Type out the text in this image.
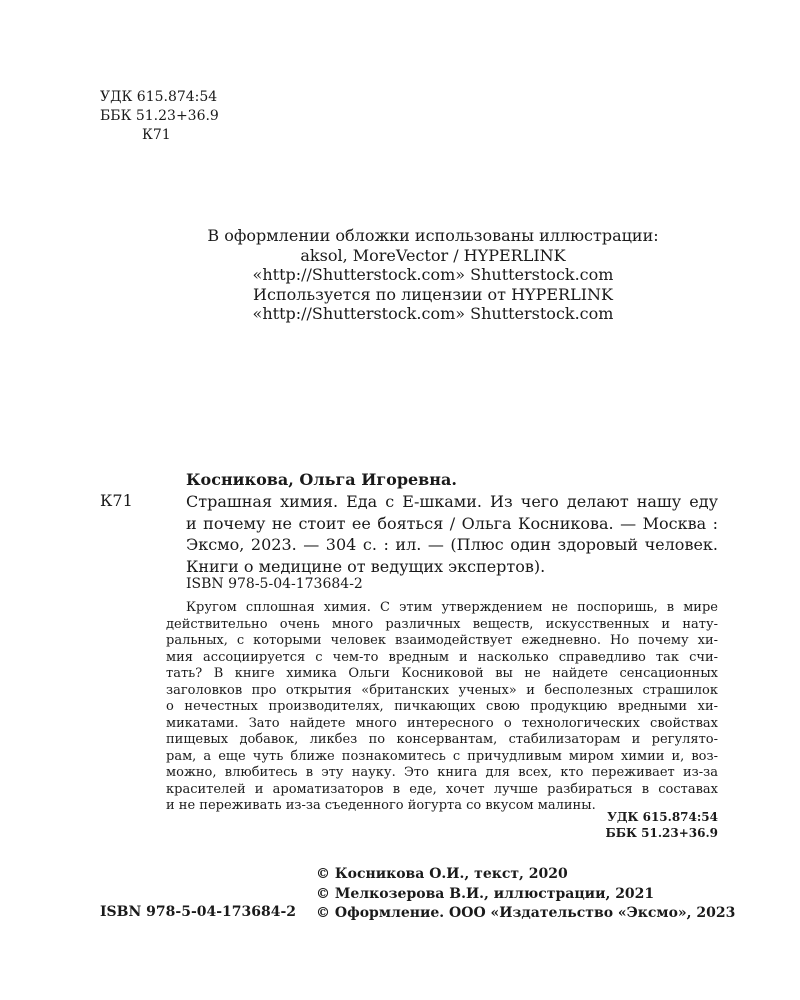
УДК 615.874:54
ББК 51.23+36.9
К71
В оформлении обложки использованы иллюстрации:
aksol, MoreVector / HYPERLINK
«http://Shutterstock.com» Shutterstock.com
Используется по лицензии от HYPERLINK
«http://Shutterstock.com» Shutterstock.com
Косникова, Ольга Игоревна.
К71	Страшная химия. Еда с Е-шками. Из чего делают нашу еду
и почему не стоит ее бояться / Ольга Косникова. — Москва :
Эксмо, 2023. — 304 с. : ил. — (Плюс один здоровый человек.
Книги о медицине от ведущих экспертов).
ISBN 978-5-04-173684-2
Кругом сплошная химия. С этим утверждением не поспоришь, в мире
действительно очень много различных веществ, искусственных и нату-
ральных, с которыми человек взаимодействует ежедневно. Но почему хи-
мия ассоциируется с чем-то вредным и насколько справедливо так счи-
тать? В книге химика Ольги Косниковой вы не найдете сенсационных
заголовков про открытия «британских ученых» и бесполезных страшилок
о нечестных производителях, пичкающих свою продукцию вредными хи-
микатами. Зато найдете много интересного о технологических свойствах
пищевых добавок, ликбез по консервантам, стабилизаторам и регулято-
рам, а еще чуть ближе познакомитесь с причудливым миром химии и, воз-
можно, влюбитесь в эту науку. Это книга для всех, кто переживает из-за
красителей и ароматизаторов в еде, хочет лучше разбираться в составах
и не переживать из-за съеденного йогурта со вкусом малины.
УДК 615.874:54
ББК 51.23+36.9
© Косникова О.И., текст, 2020
© Мелкозерова В.И., иллюстрации, 2021
© Оформление. ООО «Издательство «Эксмо», 2023
ISBN 978-5-04-173684-2
